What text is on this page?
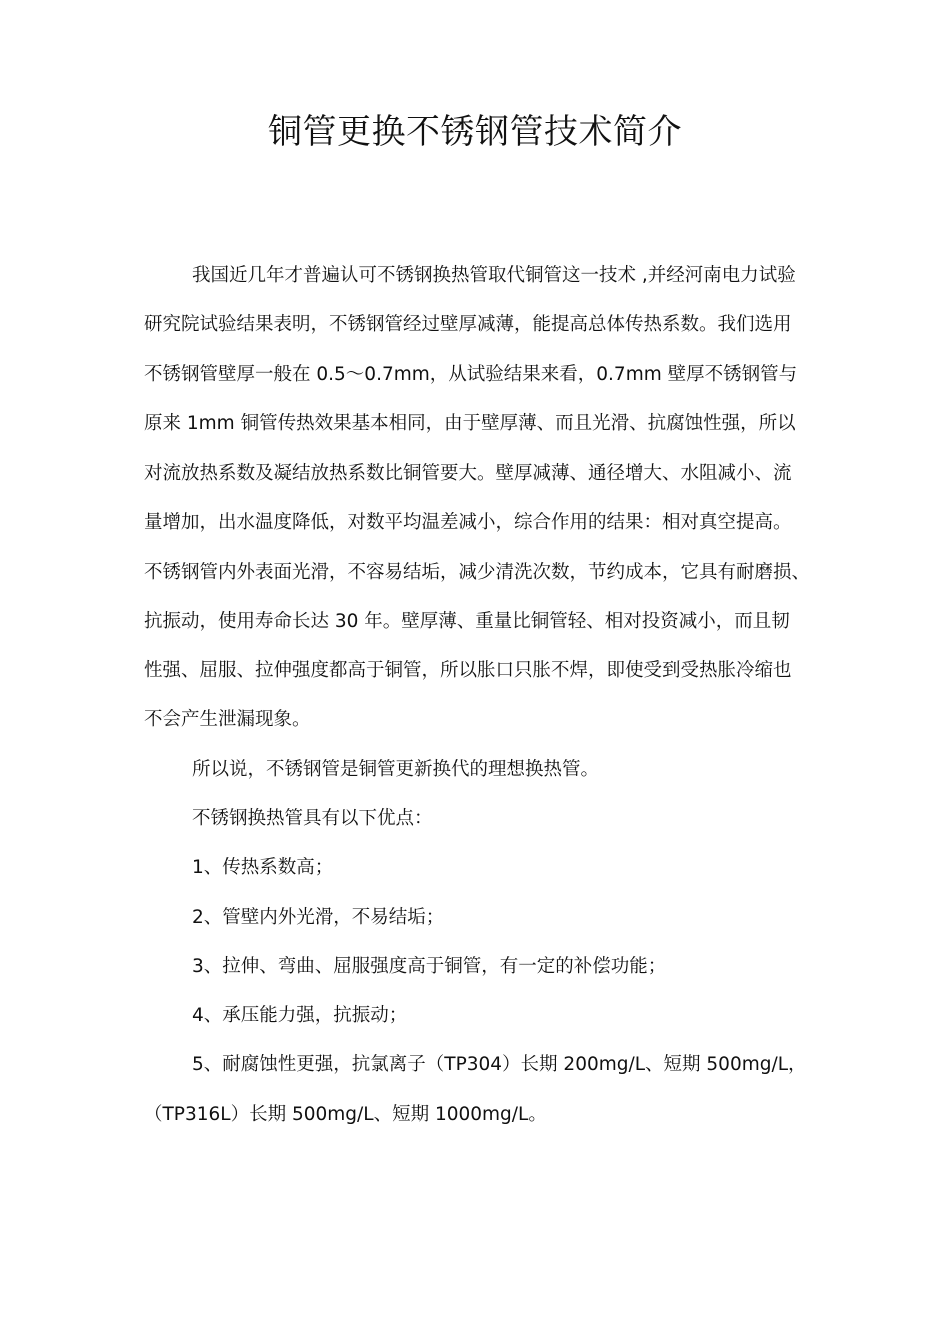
铜管更换不锈钢管技术简介
我国近几年才普遍认可不锈钢换热管取代铜管这一技术 ,并经河南电力试验
研究院试验结果表明，不锈钢管经过壁厚减薄，能提高总体传热系数。我们选用
不锈钢管壁厚一般在 0.5～0.7mm，从试验结果来看，0.7mm 壁厚不锈钢管与
原来 1mm 铜管传热效果基本相同，由于壁厚薄、而且光滑、抗腐蚀性强，所以
对流放热系数及凝结放热系数比铜管要大。壁厚减薄、通径增大、水阻减小、流
量增加，出水温度降低，对数平均温差减小，综合作用的结果：相对真空提高。
不锈钢管内外表面光滑，不容易结垢，减少清洗次数，节约成本，它具有耐磨损、
抗振动，使用寿命长达 30 年。壁厚薄、重量比铜管轻、相对投资减小，而且韧
性强、屈服、拉伸强度都高于铜管，所以胀口只胀不焊，即使受到受热胀冷缩也
不会产生泄漏现象。
所以说，不锈钢管是铜管更新换代的理想换热管。
不锈钢换热管具有以下优点：
1、传热系数高；
2、管壁内外光滑，不易结垢；
3、拉伸、弯曲、屈服强度高于铜管，有一定的补偿功能；
4、承压能力强，抗振动；
5、耐腐蚀性更强，抗氯离子（TP304）长期 200mg/L、短期 500mg/L，
（TP316L）长期 500mg/L、短期 1000mg/L。
